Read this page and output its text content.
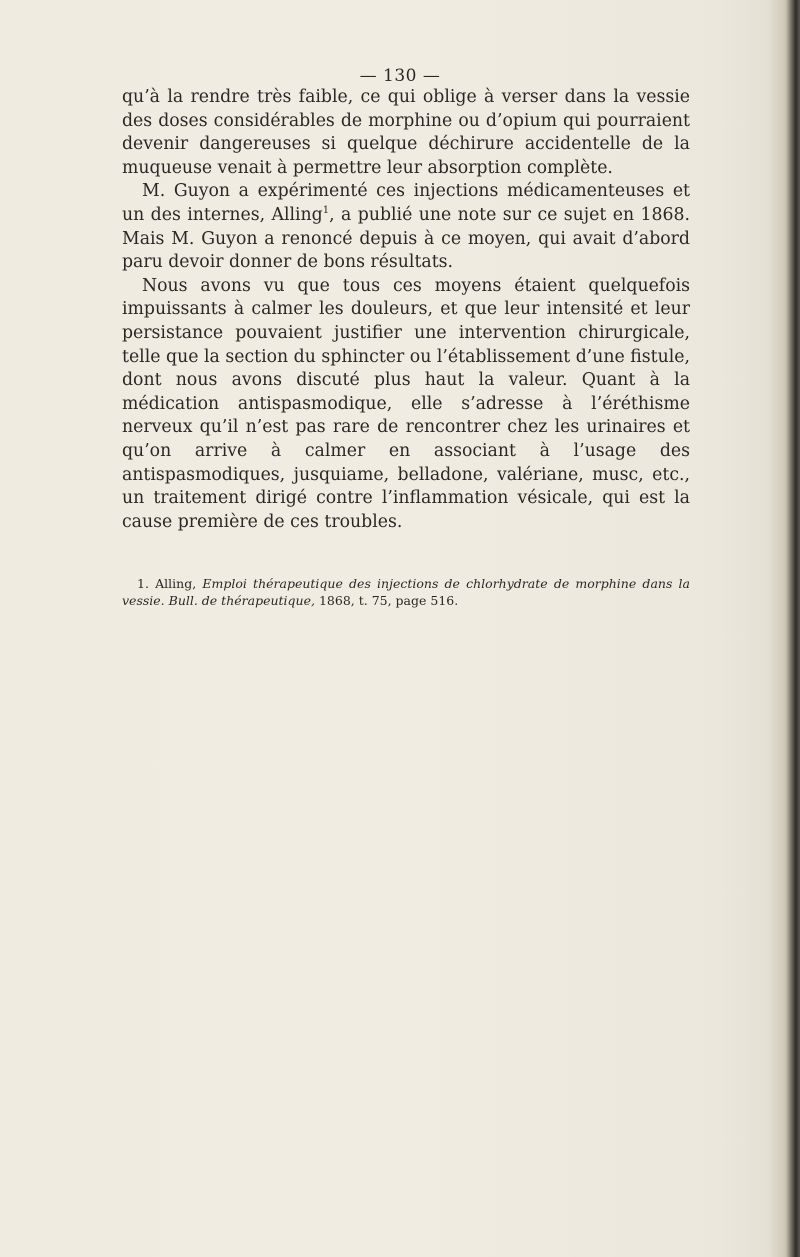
— 130 —

qu’à la rendre très faible, ce qui oblige à verser dans la vessie des doses considérables de morphine ou d’opium qui pourraient devenir dangereuses si quelque déchirure accidentelle de la muqueuse venait à permettre leur absorption complète.

M. Guyon a expérimenté ces injections médicamenteuses et un des internes, Alling$^1$, a publié une note sur ce sujet en 1868. Mais M. Guyon a renoncé depuis à ce moyen, qui avait d’abord paru devoir donner de bons résultats.

Nous avons vu que tous ces moyens étaient quelquefois impuissants à calmer les douleurs, et que leur intensité et leur persistance pouvaient justifier une intervention chirurgicale, telle que la section du sphincter ou l’établissement d’une fistule, dont nous avons discuté plus haut la valeur. Quant à la médication antispasmodique, elle s’adresse à l’éréthisme nerveux qu’il n’est pas rare de rencontrer chez les urinaires et qu’on arrive à calmer en associant à l’usage des antispasmodiques, jusquiame, belladone, valériane, musc, etc., un traitement dirigé contre l’inflammation vésicale, qui est la cause première de ces troubles.

1. Alling, Emploi thérapeutique des injections de chlorhydrate de morphine dans la vessie. Bull. de thérapeutique, 1868, t. 75, page 516.
